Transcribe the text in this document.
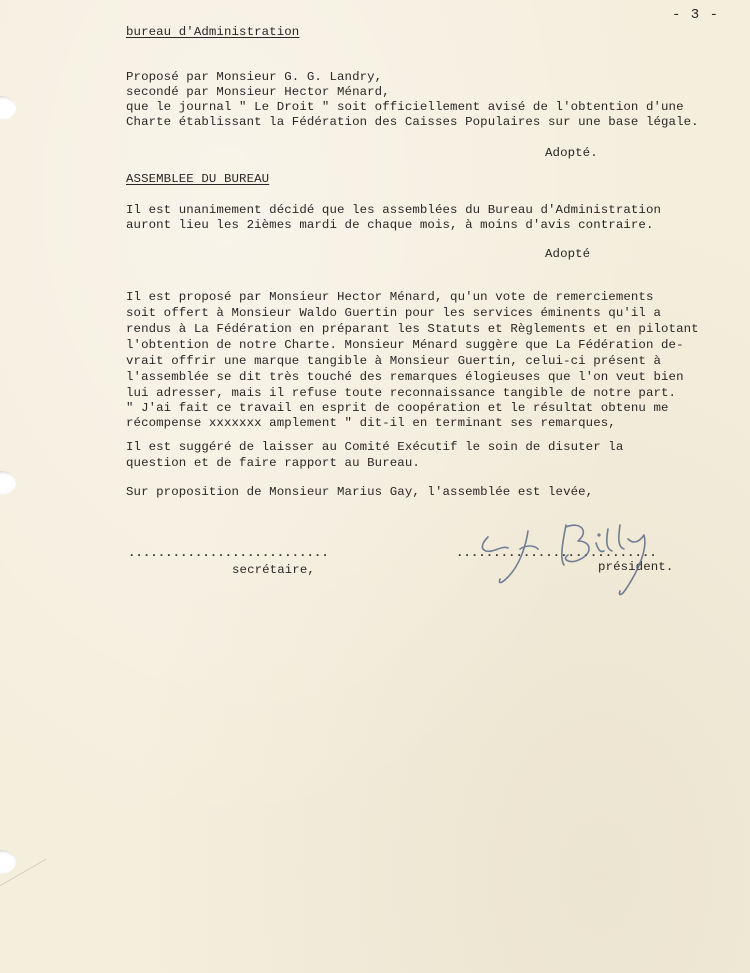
- 3 -
bureau d'Administration
Proposé par Monsieur G. G. Landry,
secondé par Monsieur Hector Ménard,
que le journal " Le Droit " soit officiellement avisé de l'obtention d'une
Charte établissant la Fédération des Caisses Populaires sur une base légale.
Adopté.
ASSEMBLEE DU BUREAU
Il est unanimement décidé que les assemblées du Bureau d'Administration
auront lieu les 2ièmes mardi de chaque mois, à moins d'avis contraire.
Adopté
Il est proposé par Monsieur Hector Ménard, qu'un vote de remerciements
soit offert à Monsieur Waldo Guertin pour les services éminents qu'il a
rendus à La Fédération en préparant les Statuts et Règlements et en pilotant
l'obtention de notre Charte. Monsieur Ménard suggère que La Fédération de-
vrait offrir une marque tangible à Monsieur Guertin, celui-ci présent à
l'assemblée se dit très touché des remarques élogieuses que l'on veut bien
lui adresser, mais il refuse toute reconnaissance tangible de notre part.
" J'ai fait ce travail en esprit de coopération et le résultat obtenu me
récompense xxxxxxx amplement " dit-il en terminant ses remarques,
Il est suggéré de laisser au Comité Exécutif le soin de disuter la
question et de faire rapport au Bureau.
Sur proposition de Monsieur Marius Gay, l'assemblée est levée,
...........................
secrétaire,
...........................
président.
